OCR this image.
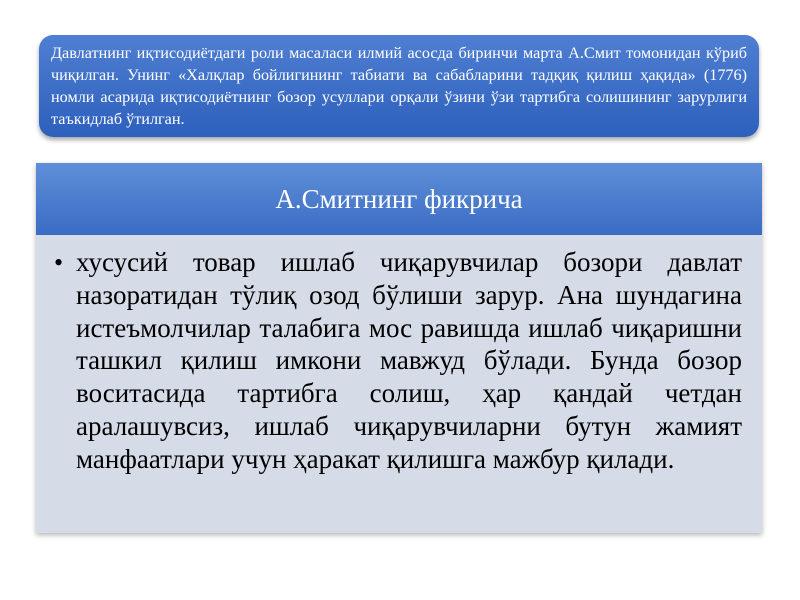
Давлатнинг иқтисодиётдаги роли масаласи илмий асосда биринчи марта А.Смит томонидан кўриб чиқилган. Унинг «Халқлар бойлигининг табиати ва сабабларини тадқиқ қилиш ҳақида» (1776) номли асарида иқтисодиётнинг бозор усуллари орқали ўзини ўзи тартибга солишининг зарурлиги таъкидлаб ўтилган.
А.Смитнинг фикрича
• хусусий товар ишлаб чиқарувчилар бозори давлат назоратидан тўлиқ озод бўлиши зарур. Ана шундагина истеъмолчилар талабига мос равишда ишлаб чиқаришни ташкил қилиш имкони мавжуд бўлади. Бунда бозор воситасида тартибга солиш, ҳар қандай четдан аралашувсиз, ишлаб чиқарувчиларни бутун жамият манфаатлари учун ҳаракат қилишга мажбур қилади.
